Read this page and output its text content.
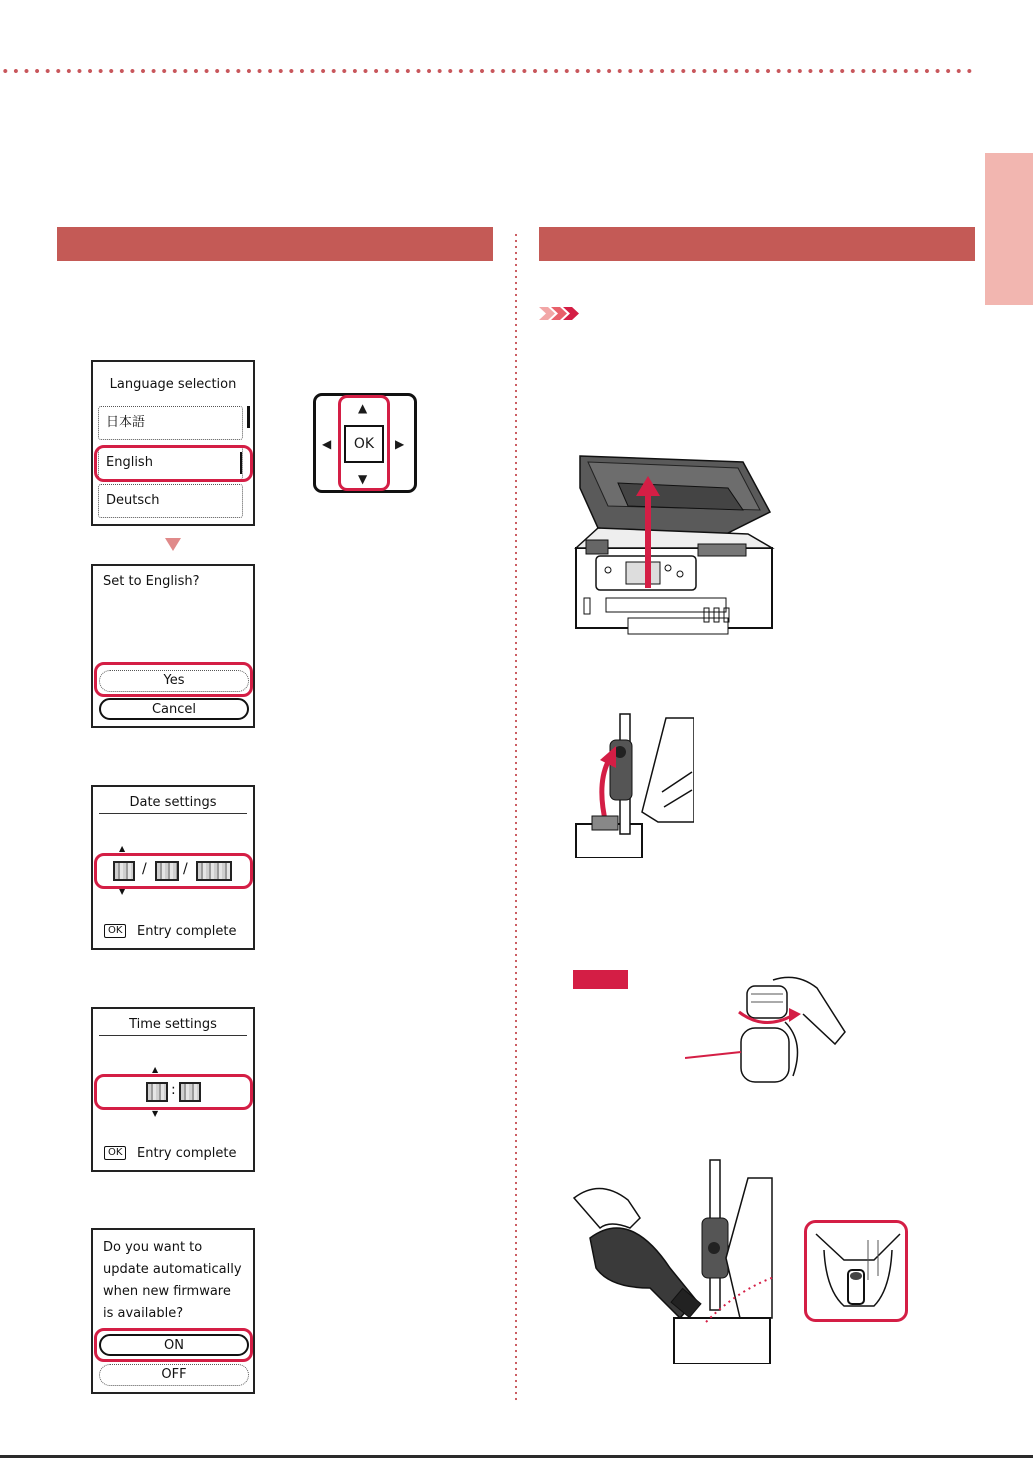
Language selection
日本語
English
Deutsch
Set to English?
Yes
Cancel
Date settings
▲
/	/
▼
OK	Entry complete
Time settings
▲
:
▼
OK	Entry complete
Do you want to
update automatically
when new firmware
is available?
ON
OFF
OK
▲
▼
◀	▶
